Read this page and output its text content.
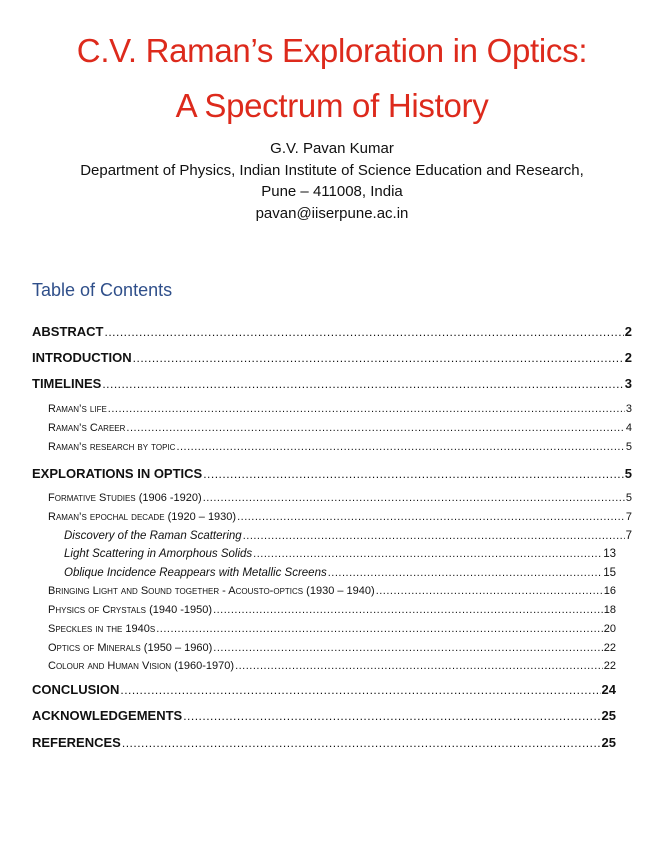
C.V. Raman’s Exploration in Optics:
A Spectrum of History
G.V. Pavan Kumar
Department of Physics, Indian Institute of Science Education and Research,
Pune – 411008, India
pavan@iiserpune.ac.in
Table of Contents
ABSTRACT .....	2
INTRODUCTION .....	2
TIMELINES .....	3
Raman’s life .....	3
Raman’s Career .....	4
Raman’s research by topic .....	5
EXPLORATIONS IN OPTICS .....	5
Formative Studies (1906 -1920) .....	5
Raman’s epochal decade (1920 – 1930) .....	7
Discovery of the Raman Scattering .....	7
Light Scattering in Amorphous Solids .....	13
Oblique Incidence Reappears with Metallic Screens .....	15
Bringing Light and Sound together - Acousto-optics (1930 – 1940) .....	16
Physics of Crystals (1940 -1950) .....	18
Speckles in the 1940s .....	20
Optics of Minerals (1950 – 1960) .....	22
Colour and Human Vision (1960-1970) .....	22
CONCLUSION .....	24
ACKNOWLEDGEMENTS .....	25
REFERENCES .....	25
